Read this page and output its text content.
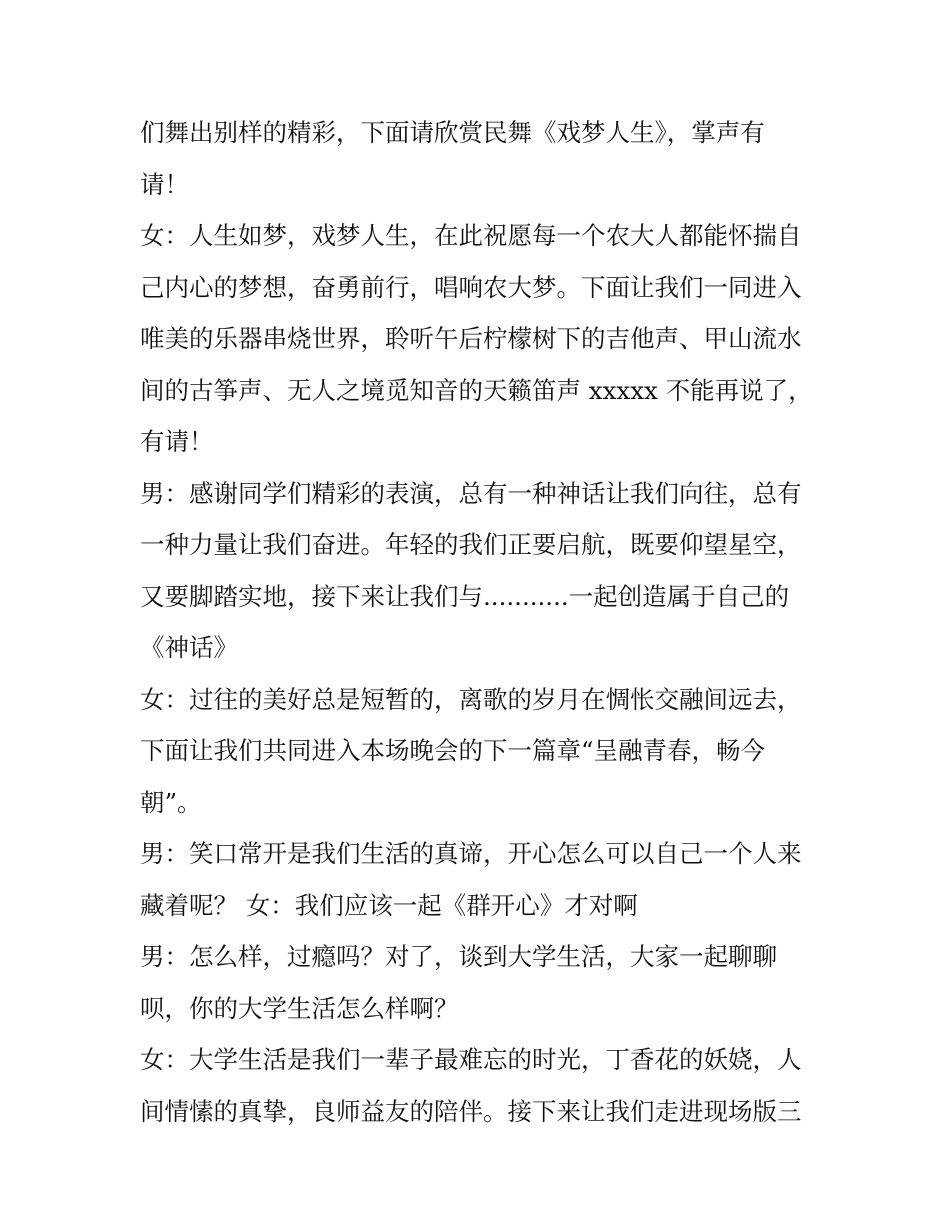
们舞出别样的精彩，下面请欣赏民舞《戏梦人生》，掌声有
请！

女：人生如梦，戏梦人生，在此祝愿每一个农大人都能怀揣自
己内心的梦想，奋勇前行，唱响农大梦。下面让我们一同进入
唯美的乐器串烧世界，聆听午后柠檬树下的吉他声、甲山流水
间的古筝声、无人之境觅知音的天籁笛声 xxxxx 不能再说了，
有请！

男：感谢同学们精彩的表演，总有一种神话让我们向往，总有
一种力量让我们奋进。年轻的我们正要启航，既要仰望星空，
又要脚踏实地，接下来让我们与...........一起创造属于自己的
《神话》

女：过往的美好总是短暂的，离歌的岁月在惆怅交融间远去，
下面让我们共同进入本场晚会的下一篇章“呈融青春，畅今
朝”。

男：笑口常开是我们生活的真谛，开心怎么可以自己一个人来
藏着呢？ 女：我们应该一起《群开心》才对啊

男：怎么样，过瘾吗？对了，谈到大学生活，大家一起聊聊
呗，你的大学生活怎么样啊？

女：大学生活是我们一辈子最难忘的时光，丁香花的妖娆，人
间情愫的真挚，良师益友的陪伴。接下来让我们走进现场版三
